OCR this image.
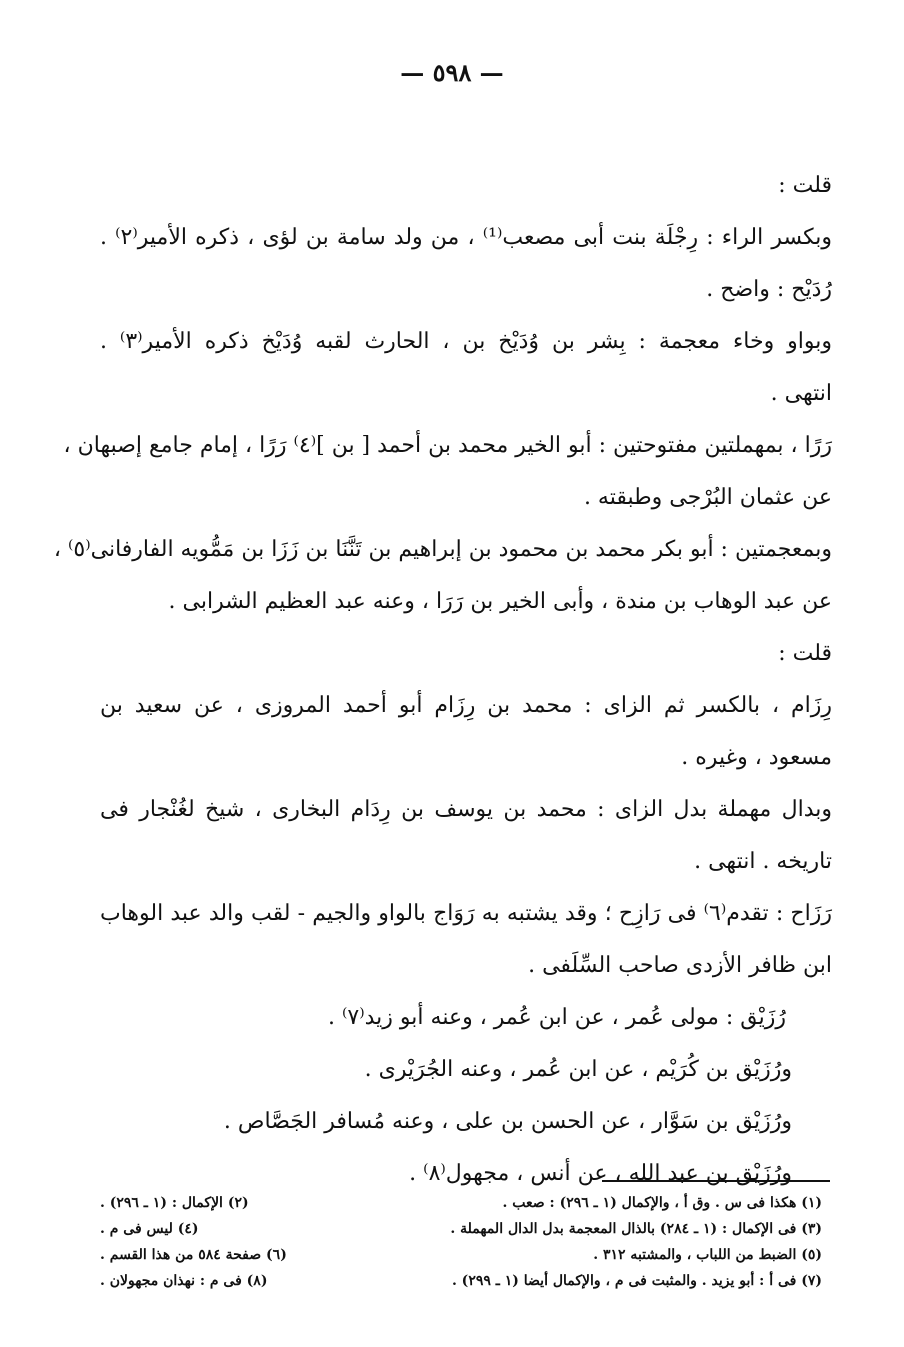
— ٥٩٨ —
قلت :
وبكسر الراء : رِجْلَة بنت أبى مصعب⁽¹⁾ ، من ولد سامة بن لؤى ، ذكره الأمير⁽٢⁾ .
رُدَيْح : واضح .
وبواو وخاء معجمة : بِشر بن وُدَيْخ بن ، الحارث لقبه وُدَيْخ ذكره الأمير⁽٣⁾ .
انتهى .
رَرًا ، بمهملتين مفتوحتين : أبو الخير محمد بن أحمد [ بن ]⁽٤⁾ رَرًا ، إمام جامع إصبهان ،
عن عثمان البُرْجى وطبقته .
وبمعجمتين : أبو بكر محمد بن محمود بن إبراهيم بن تَنَّنَا بن زَزَا بن مَمُّويه الفارفانى⁽٥⁾ ،
عن عبد الوهاب بن مندة ، وأبى الخير بن رَرَا ، وعنه عبد العظيم الشرابى .
قلت :
رِزَام ، بالكسر ثم الزاى : محمد بن رِزَام أبو أحمد المروزى ، عن سعيد بن
مسعود ، وغيره .
وبدال مهملة بدل الزاى : محمد بن يوسف بن رِدَام البخارى ، شيخ لغُنْجار فى
تاريخه . انتهى .
رَزَاح : تقدم⁽٦⁾ فى رَازِح ؛ وقد يشتبه به رَوَاج بالواو والجيم - لقب والد عبد الوهاب
ابن ظافر الأزدى صاحب السِّلَفى .
رُزَيْق : مولى عُمر ، عن ابن عُمر ، وعنه أبو زيد⁽٧⁾ .
ورُزَيْق بن كُرَيْم ، عن ابن عُمر ، وعنه الجُرَيْرى .
ورُزَيْق بن سَوَّار ، عن الحسن بن على ، وعنه مُسافر الجَصَّاص .
ورُزَيْق بن عبد الله ، عن أنس ، مجهول⁽٨⁾ .
(١) هكذا فى س . وق أ ، والإكمال (١ ـ ٢٩٦) : صعب .
(٢) الإكمال : (١ ـ ٢٩٦) .
(٣) فى الإكمال : (١ ـ ٢٨٤) بالذال المعجمة بدل الدال المهملة .
(٤) ليس فى م .
(٥) الضبط من اللباب ، والمشتبه ٣١٢ .
(٦) صفحة ٥٨٤ من هذا القسم .
(٧) فى أ : أبو يزيد . والمثبت فى م ، والإكمال أيضا (١ ـ ٢٩٩) .
(٨) فى م : نهذان مجهولان .
